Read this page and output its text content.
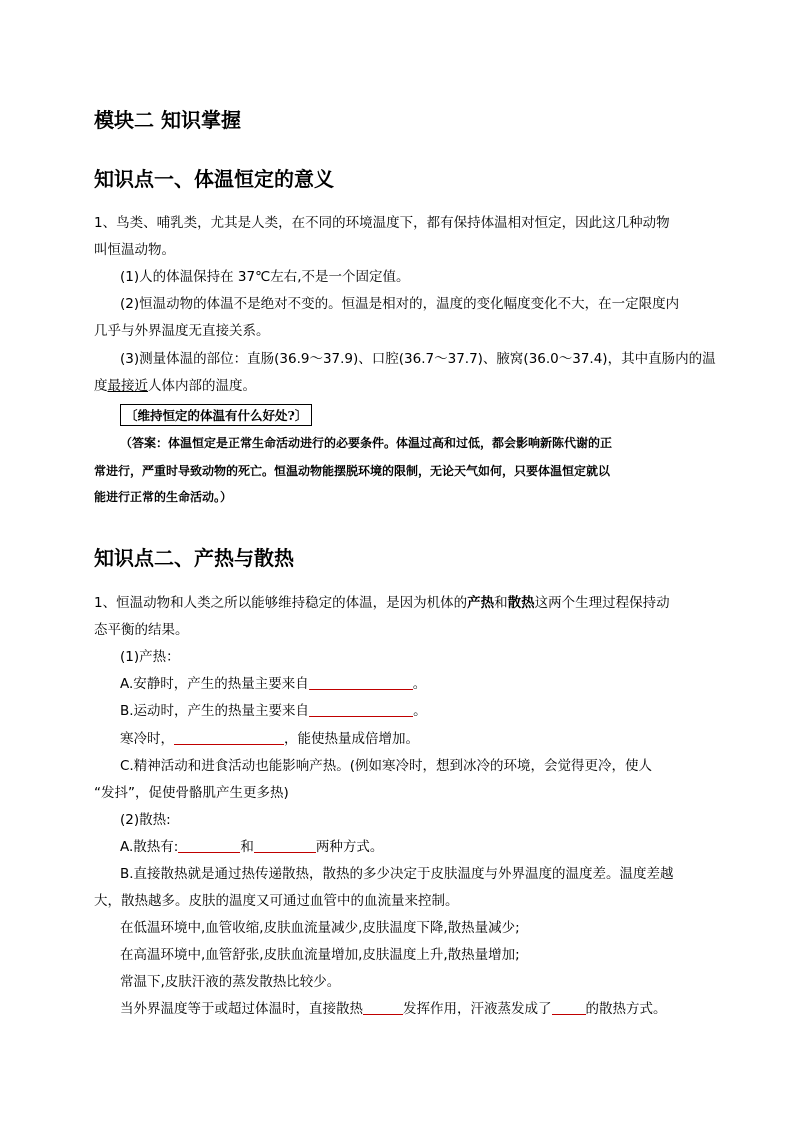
模块二 知识掌握
知识点一、体温恒定的意义
1、鸟类、哺乳类，尤其是人类，在不同的环境温度下，都有保持体温相对恒定，因此这几种动物
叫恒温动物。
(1)人的体温保持在 37℃左右,不是一个固定值。
(2)恒温动物的体温不是绝对不变的。恒温是相对的，温度的变化幅度变化不大，在一定限度内
几乎与外界温度无直接关系。
(3)测量体温的部位：直肠(36.9～37.9)、口腔(36.7～37.7)、腋窝(36.0～37.4)，其中直肠内的温
度最接近人体内部的温度。
〔维持恒定的体温有什么好处?〕
（答案：体温恒定是正常生命活动进行的必要条件。体温过高和过低，都会影响新陈代谢的正
常进行，严重时导致动物的死亡。恒温动物能摆脱环境的限制，无论天气如何，只要体温恒定就以
能进行正常的生命活动。）
知识点二、产热与散热
1、恒温动物和人类之所以能够维持稳定的体温，是因为机体的产热和散热这两个生理过程保持动
态平衡的结果。
(1)产热：
A.安静时，产生的热量主要来自	。
B.运动时，产生的热量主要来自	。
寒冷时，	，能使热量成倍增加。
C.精神活动和进食活动也能影响产热。(例如寒冷时，想到冰冷的环境，会觉得更冷，使人
“发抖”，促使骨骼肌产生更多热)
(2)散热:
A.散热有:	和	两种方式。
B.直接散热就是通过热传递散热，散热的多少决定于皮肤温度与外界温度的温度差。温度差越
大，散热越多。皮肤的温度又可通过血管中的血流量来控制。
在低温环境中,血管收缩,皮肤血流量减少,皮肤温度下降,散热量减少;
在高温环境中,血管舒张,皮肤血流量增加,皮肤温度上升,散热量增加;
常温下,皮肤汗液的蒸发散热比较少。
当外界温度等于或超过体温时，直接散热	发挥作用，汗液蒸发成了	的散热方式。
